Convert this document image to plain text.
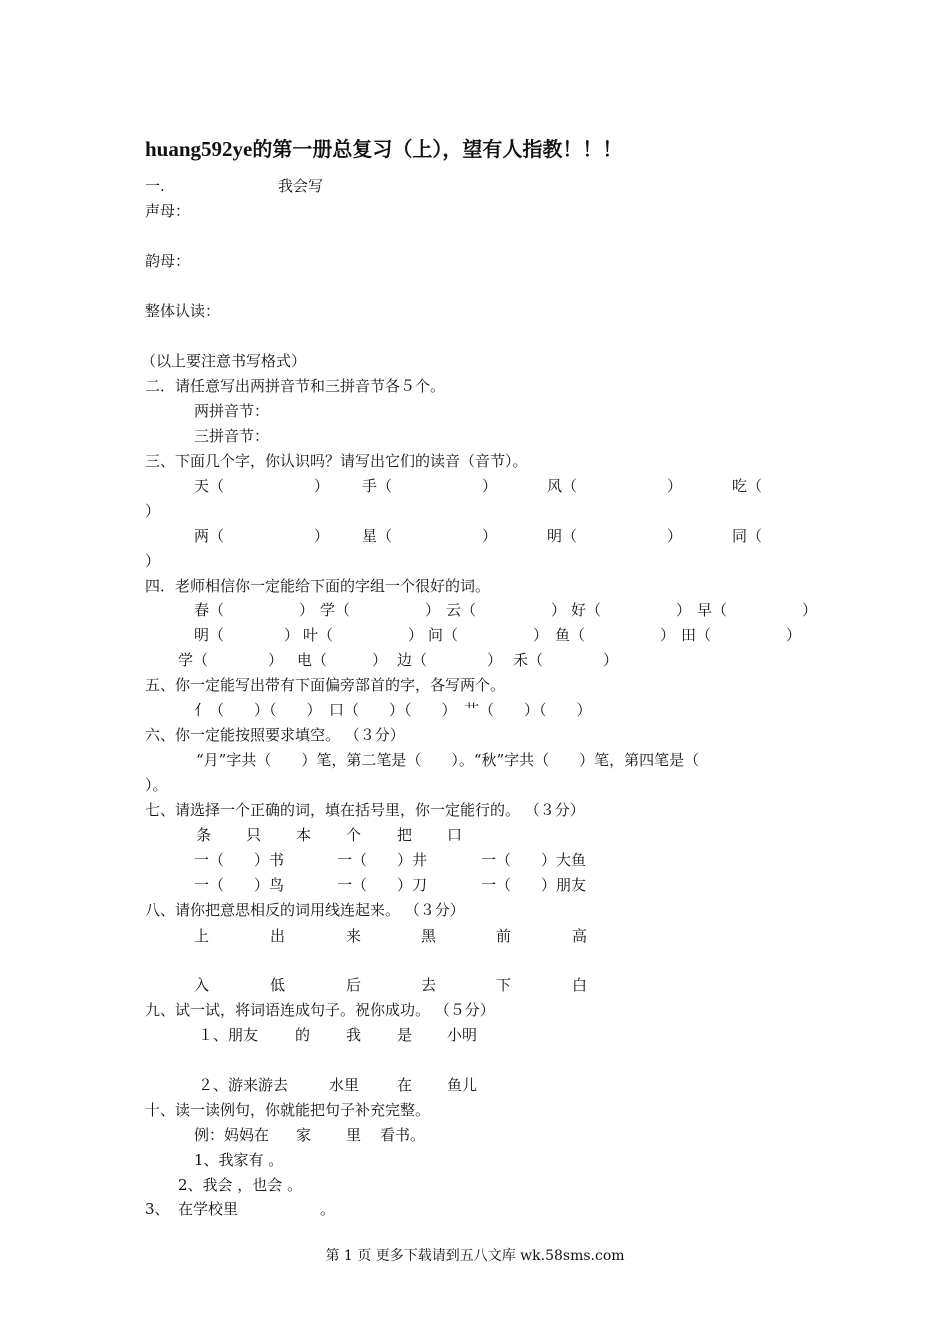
huang592ye的第一册总复习（上），望有人指教！！！
一.	我会写
声母：
韵母：
整体认读：
（以上要注意书写格式）
二．请任意写出两拼音节和三拼音节各５个。
两拼音节：
三拼音节：
三、下面几个字，你认识吗？请写出它们的读音（音节）。
天（　　　　　　） 手（　　　　　　）	风（　　　　　　）	吃（
）
两（　　　　　　） 星（　　　　　　）	明（　　　　　　）	同（
）
四．老师相信你一定能给下面的字组一个很好的词。
春（　　　　　） 学（　　　　　） 云（　　　　　） 好（　　　　　） 早（　　　　　）
明（　　　　） 叶（　　　　　） 问（　　　　　） 鱼（　　　　　） 田（　　　　　）
学（　　　　） 电（　　　） 边（　　　　） 禾（　　　　）
五、你一定能写出带有下面偏旁部首的字，各写两个。
亻（　　）（　　）　口（　　）（　　）　艹（　　）（　　）
六、你一定能按照要求填空。 （３分）
“月”字共（　　）笔，第二笔是（　　）。“秋”字共（　　）笔，第四笔是（
）。
七、请选择一个正确的词，填在括号里，你一定能行的。 （３分）
条 只 本 个 把 口
一（　　）书	一（　　）井	一（　　）大鱼
一（　　）鸟	一（　　）刀	一（　　）朋友
八、请你把意思相反的词用线连起来。 （３分）
上	出	来	黑	前	高
入	低	后	去	下	白
九、试一试，将词语连成句子。祝你成功。 （５分）
１、朋友 的 我 是 小明
２、游来游去	水里	在 鱼儿
十、读一读例句，你就能把句子补充完整。
例：妈妈在 家 里 看书。
1、我家有 。
2、我会 ，也会 。
3、 在学校里	。
第 1 页 更多下载请到五八文库 wk.58sms.com
